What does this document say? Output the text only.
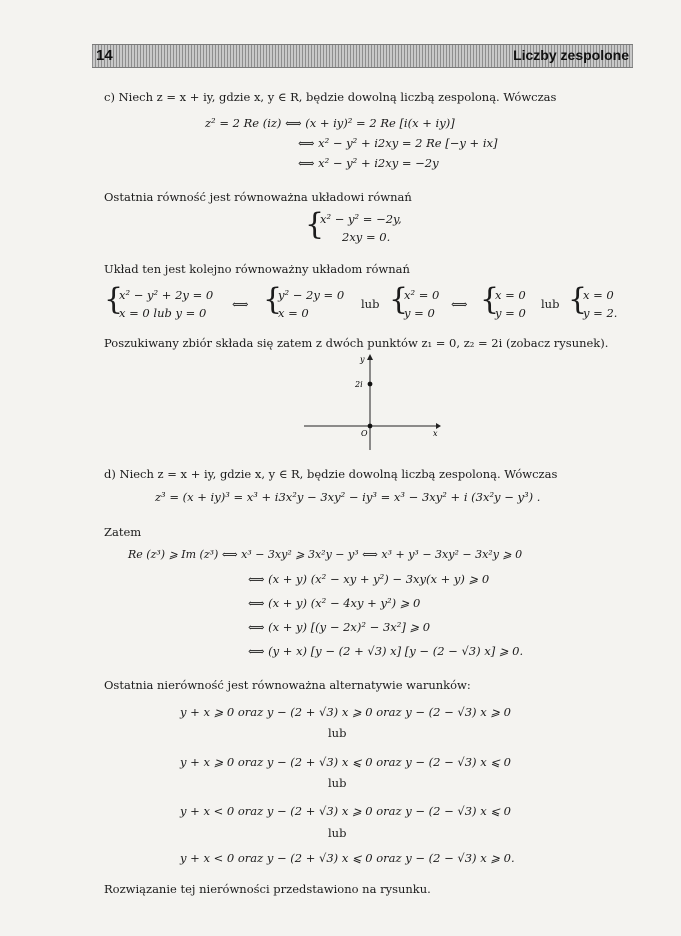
14	Liczby zespolone
c) Niech z = x + iy, gdzie x, y ∈ R, będzie dowolną liczbą zespoloną. Wówczas
z² = 2 Re (iz) ⟺ (x + iy)² = 2 Re [i(x + iy)]
⟺ x² − y² + i2xy = 2 Re [−y + ix]
⟺ x² − y² + i2xy = −2y
Ostatnia równość jest równoważna układowi równań
{
x² − y² = −2y,
2xy = 0.
Układ ten jest kolejno równoważny układom równań
{
x² − y² + 2y = 0
x = 0 lub y = 0
⟺ {
y² − 2y = 0
x = 0
lub {
x² = 0
y = 0
⟺ {
x = 0
y = 0
lub {
x = 0
y = 2.
Poszukiwany zbiór składa się zatem z dwóch punktów z₁ = 0, z₂ = 2i (zobacz rysunek).
y
x
2i
O
d) Niech z = x + iy, gdzie x, y ∈ R, będzie dowolną liczbą zespoloną. Wówczas
z³ = (x + iy)³ = x³ + i3x²y − 3xy² − iy³ = x³ − 3xy² + i (3x²y − y³) .
Zatem
Re (z³) ⩾ Im (z³) ⟺ x³ − 3xy² ⩾ 3x²y − y³ ⟺ x³ + y³ − 3xy² − 3x²y ⩾ 0
⟺ (x + y) (x² − xy + y²) − 3xy(x + y) ⩾ 0
⟺ (x + y) (x² − 4xy + y²) ⩾ 0
⟺ (x + y) [(y − 2x)² − 3x²] ⩾ 0
⟺ (y + x) [y − (2 + √3) x] [y − (2 − √3) x] ⩾ 0.
Ostatnia nierówność jest równoważna alternatywie warunków:
y + x ⩾ 0 oraz y − (2 + √3) x ⩾ 0 oraz y − (2 − √3) x ⩾ 0
lub
y + x ⩾ 0 oraz y − (2 + √3) x ⩽ 0 oraz y − (2 − √3) x ⩽ 0
lub
y + x < 0 oraz y − (2 + √3) x ⩾ 0 oraz y − (2 − √3) x ⩽ 0
lub
y + x < 0 oraz y − (2 + √3) x ⩽ 0 oraz y − (2 − √3) x ⩾ 0.
Rozwiązanie tej nierówności przedstawiono na rysunku.
